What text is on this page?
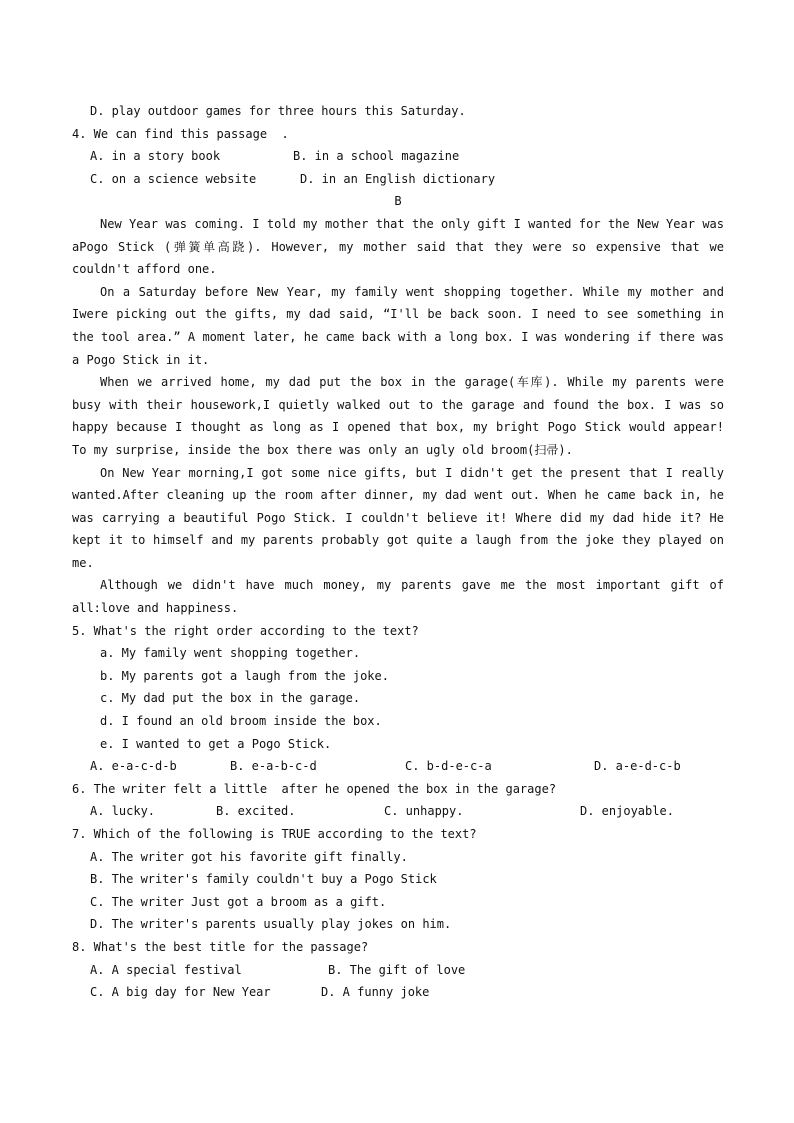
D. play outdoor games for three hours this Saturday.
4. We can find this passage  .
A. in a story book	B. in a school magazine
C. on a science website	D. in an English dictionary
B
New Year was coming. I told my mother that the only gift I wanted for the New Year was aPogo Stick (弹簧单高跷). However, my mother said that they were so expensive that we couldn't afford one.
On a Saturday before New Year, my family went shopping together. While my mother and Iwere picking out the gifts, my dad said, “I'll be back soon. I need to see something in the tool area.” A moment later, he came back with a long box. I was wondering if there was a Pogo Stick in it.
When we arrived home, my dad put the box in the garage(车库). While my parents were busy with their housework,I quietly walked out to the garage and found the box. I was so happy because I thought as long as I opened that box, my bright Pogo Stick would appear! To my surprise, inside the box there was only an ugly old broom(扫帚).
On New Year morning,I got some nice gifts, but I didn't get the present that I really wanted.After cleaning up the room after dinner, my dad went out. When he came back in, he was carrying a beautiful Pogo Stick. I couldn't believe it! Where did my dad hide it? He kept it to himself and my parents probably got quite a laugh from the joke they played on me.
Although we didn't have much money, my parents gave me the most important gift of all:love and happiness.
5. What's the right order according to the text?
a. My family went shopping together.
b. My parents got a laugh from the joke.
c. My dad put the box in the garage.
d. I found an old broom inside the box.
e. I wanted to get a Pogo Stick.
A. e-a-c-d-b	B. e-a-b-c-d	C. b-d-e-c-a	D. a-e-d-c-b
6. The writer felt a little  after he opened the box in the garage?
A. lucky.	B. excited.	C. unhappy.	D. enjoyable.
7. Which of the following is TRUE according to the text?
A. The writer got his favorite gift finally.
B. The writer's family couldn't buy a Pogo Stick
C. The writer Just got a broom as a gift.
D. The writer's parents usually play jokes on him.
8. What's the best title for the passage?
A. A special festival	B. The gift of love
C. A big day for New Year	D. A funny joke
